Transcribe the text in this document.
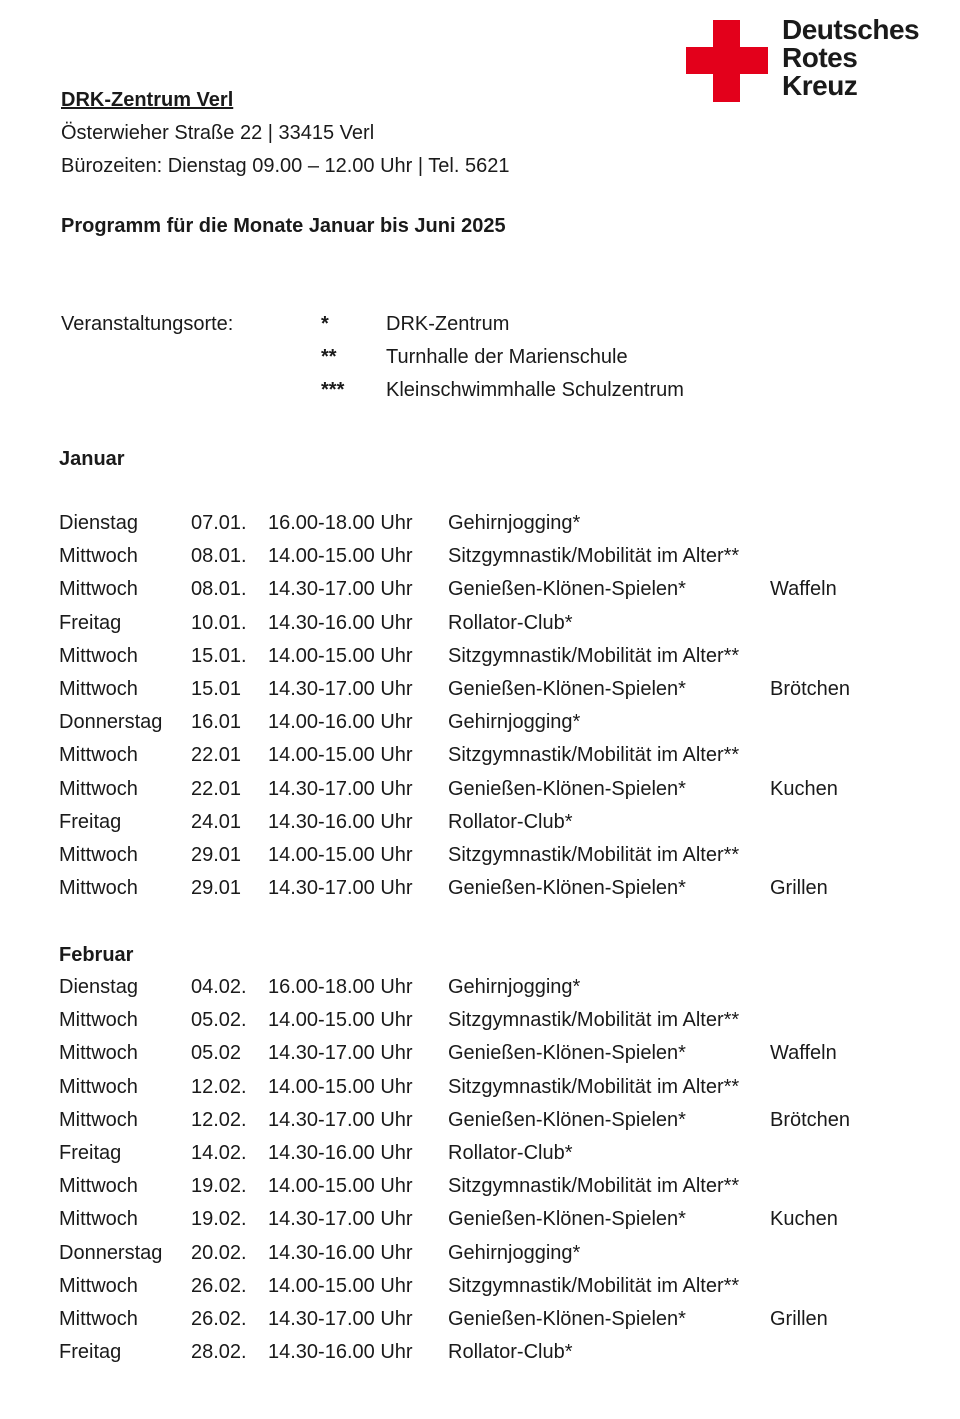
Deutsches
Rotes
Kreuz
DRK-Zentrum Verl
Österwieher Straße 22 | 33415 Verl
Bürozeiten: Dienstag 09.00 – 12.00 Uhr | Tel. 5621
Programm für die Monate Januar bis Juni 2025
Veranstaltungsorte:	*	DRK-Zentrum
** Turnhalle der Marienschule
*** Kleinschwimmhalle Schulzentrum
Januar
Dienstag	07.01. 16.00-18.00 Uhr Gehirnjogging*
Mittwoch	08.01. 14.00-15.00 Uhr Sitzgymnastik/Mobilität im Alter**
Mittwoch	08.01. 14.30-17.00 Uhr Genießen-Klönen-Spielen*	Waffeln
Freitag	10.01. 14.30-16.00 Uhr Rollator-Club*
Mittwoch	15.01. 14.00-15.00 Uhr Sitzgymnastik/Mobilität im Alter**
Mittwoch	15.01 14.30-17.00 Uhr Genießen-Klönen-Spielen*	Brötchen
Donnerstag 16.01 14.00-16.00 Uhr Gehirnjogging*
Mittwoch	22.01 14.00-15.00 Uhr Sitzgymnastik/Mobilität im Alter**
Mittwoch	22.01 14.30-17.00 Uhr Genießen-Klönen-Spielen*	Kuchen
Freitag	24.01 14.30-16.00 Uhr Rollator-Club*
Mittwoch	29.01 14.00-15.00 Uhr Sitzgymnastik/Mobilität im Alter**
Mittwoch	29.01 14.30-17.00 Uhr Genießen-Klönen-Spielen*	Grillen
Februar
Dienstag	04.02. 16.00-18.00 Uhr Gehirnjogging*
Mittwoch	05.02. 14.00-15.00 Uhr Sitzgymnastik/Mobilität im Alter**
Mittwoch	05.02 14.30-17.00 Uhr Genießen-Klönen-Spielen*	Waffeln
Mittwoch	12.02. 14.00-15.00 Uhr Sitzgymnastik/Mobilität im Alter**
Mittwoch	12.02. 14.30-17.00 Uhr Genießen-Klönen-Spielen*	Brötchen
Freitag	14.02. 14.30-16.00 Uhr Rollator-Club*
Mittwoch	19.02. 14.00-15.00 Uhr Sitzgymnastik/Mobilität im Alter**
Mittwoch	19.02. 14.30-17.00 Uhr Genießen-Klönen-Spielen*	Kuchen
Donnerstag 20.02. 14.30-16.00 Uhr Gehirnjogging*
Mittwoch	26.02. 14.00-15.00 Uhr Sitzgymnastik/Mobilität im Alter**
Mittwoch	26.02. 14.30-17.00 Uhr Genießen-Klönen-Spielen*	Grillen
Freitag	28.02. 14.30-16.00 Uhr Rollator-Club*
